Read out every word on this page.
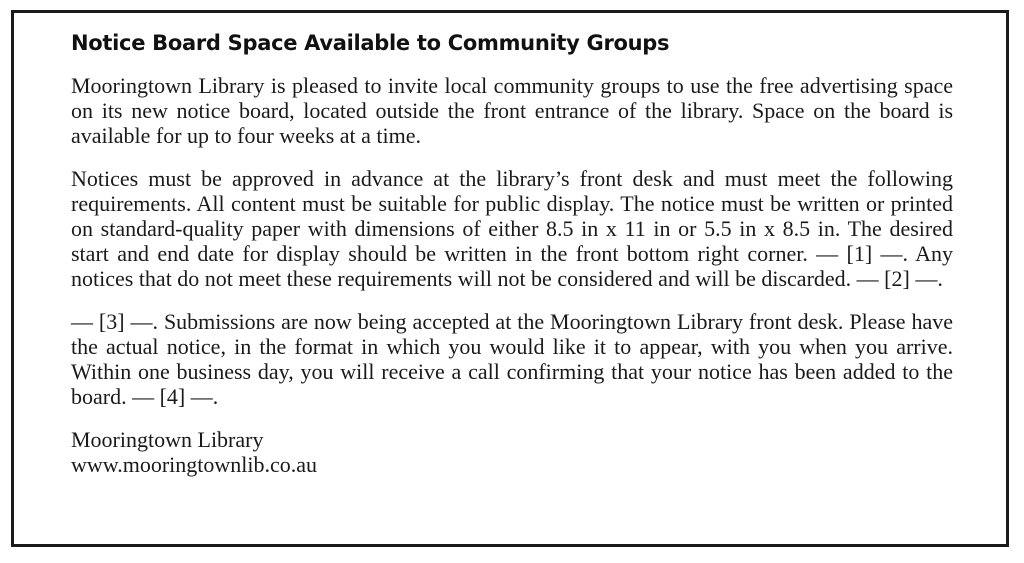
Notice Board Space Available to Community Groups

Mooringtown Library is pleased to invite local community groups to use the free advertising space on its new notice board, located outside the front entrance of the library. Space on the board is available for up to four weeks at a time.

Notices must be approved in advance at the library’s front desk and must meet the following requirements. All content must be suitable for public display. The notice must be written or printed on standard-quality paper with dimensions of either 8.5 in x 11 in or 5.5 in x 8.5 in. The desired start and end date for display should be written in the front bottom right corner. — [1] —. Any notices that do not meet these requirements will not be considered and will be discarded. — [2] —.

— [3] —. Submissions are now being accepted at the Mooringtown Library front desk. Please have the actual notice, in the format in which you would like it to appear, with you when you arrive. Within one business day, you will receive a call confirming that your notice has been added to the board. — [4] —.

Mooringtown Library
www.mooringtownlib.co.au
